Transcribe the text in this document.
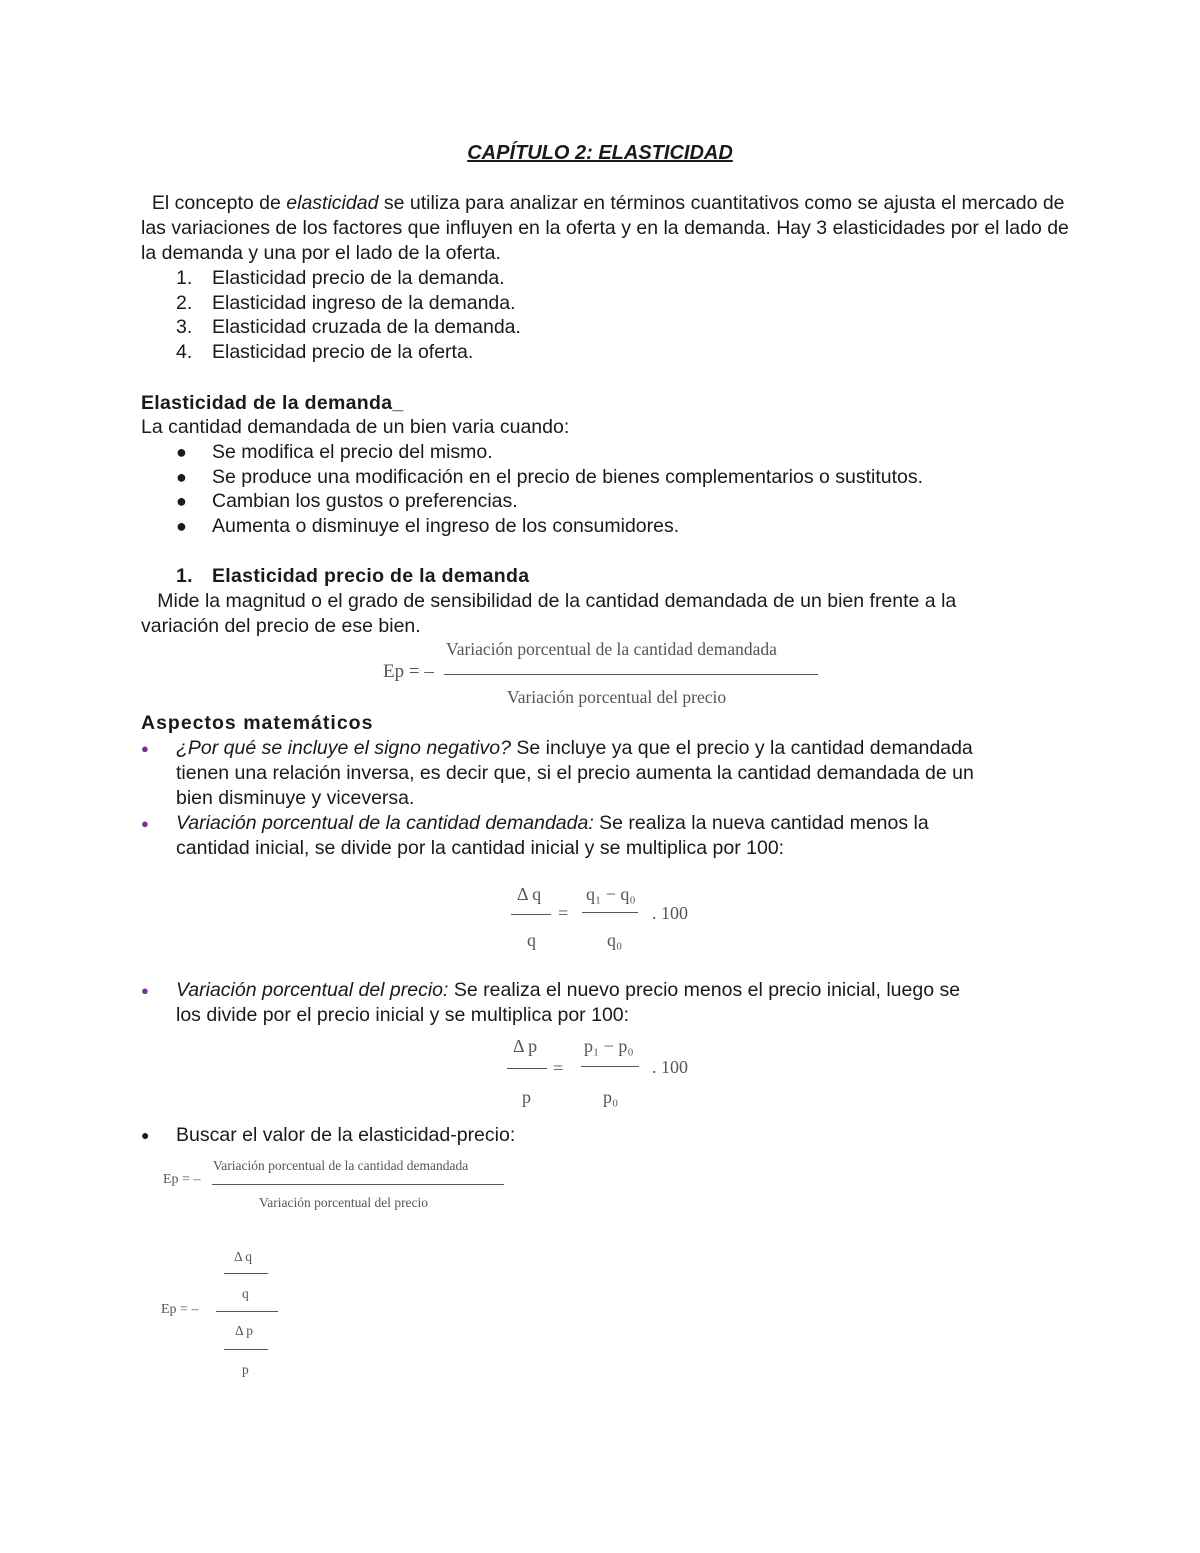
CAPÍTULO 2: ELASTICIDAD
El concepto de elasticidad se utiliza para analizar en términos cuantitativos como se ajusta el mercado de las variaciones de los factores que influyen en la oferta y en la demanda. Hay 3 elasticidades por el lado de la demanda y una por el lado de la oferta.
1. Elasticidad precio de la demanda.
2. Elasticidad ingreso de la demanda.
3. Elasticidad cruzada de la demanda.
4. Elasticidad precio de la oferta.
Elasticidad de la demanda_
La cantidad demandada de un bien varia cuando:
● Se modifica el precio del mismo.
● Se produce una modificación en el precio de bienes complementarios o sustitutos.
● Cambian los gustos o preferencias.
● Aumenta o disminuye el ingreso de los consumidores.
1. Elasticidad precio de la demanda
Mide la magnitud o el grado de sensibilidad de la cantidad demandada de un bien frente a la
variación del precio de ese bien.
Ep = –
Variación porcentual de la cantidad demandada
Variación porcentual del precio
Aspectos matemáticos
● ¿Por qué se incluye el signo negativo? Se incluye ya que el precio y la cantidad demandada
tienen una relación inversa, es decir que, si el precio aumenta la cantidad demandada de un
bien disminuye y viceversa.
● Variación porcentual de la cantidad demandada: Se realiza la nueva cantidad menos la
cantidad inicial, se divide por la cantidad inicial y se multiplica por 100:
Δ q
q
=
q₁ − q₀
q₀
. 100
● Variación porcentual del precio: Se realiza el nuevo precio menos el precio inicial, luego se
los divide por el precio inicial y se multiplica por 100:
Δ p
p
=
p₁ − p₀
p₀
. 100
● Buscar el valor de la elasticidad-precio:
Ep = –
Variación porcentual de la cantidad demandada
Variación porcentual del precio
Ep = –
Δ q
q
Δ p
p
